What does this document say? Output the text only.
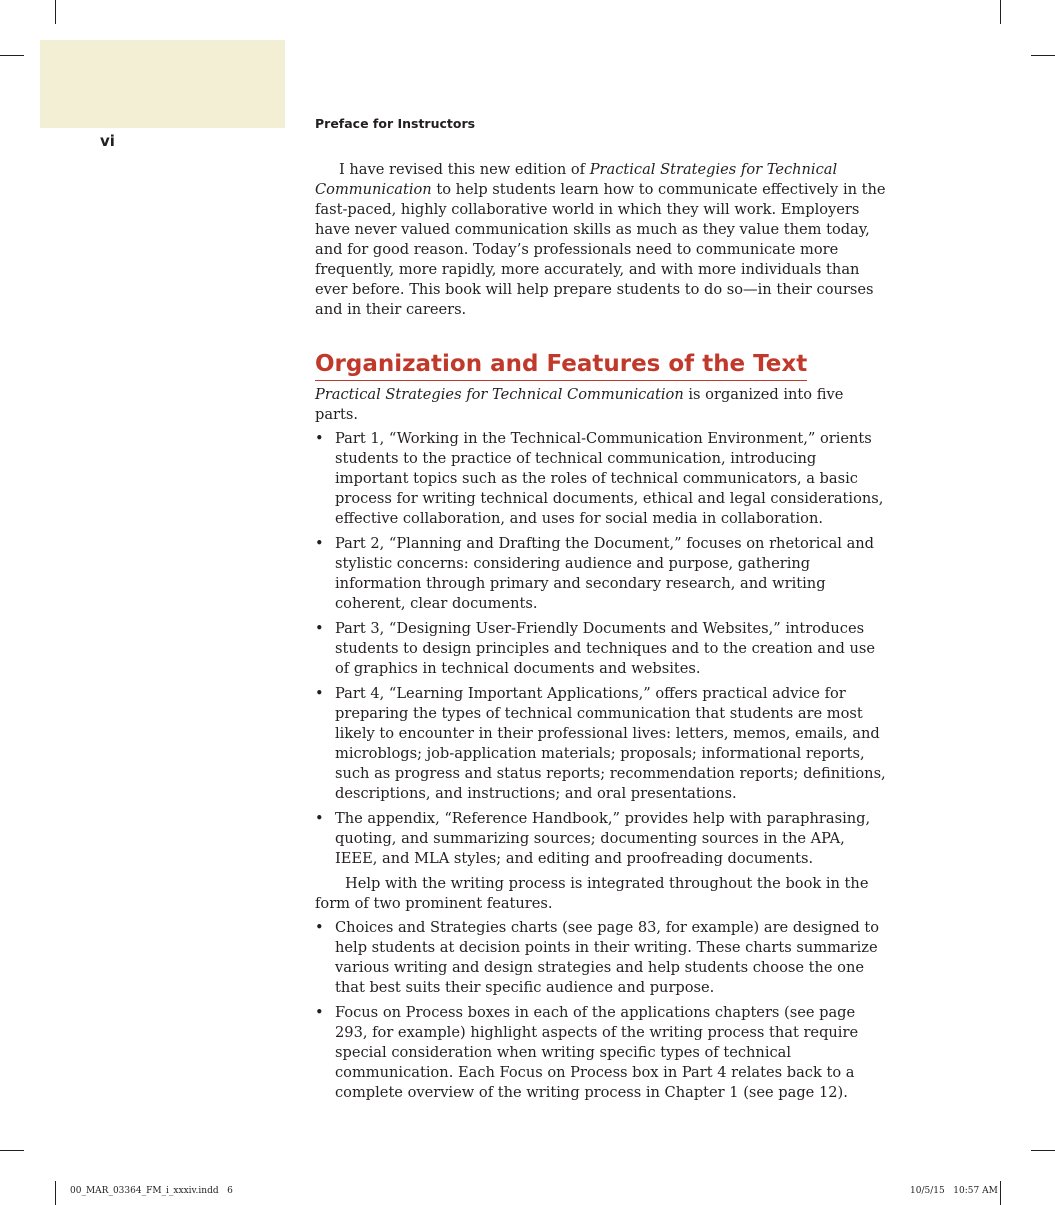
vi
Preface for Instructors

I have revised this new edition of Practical Strategies for Technical Communication to help students learn how to communicate effectively in the fast-paced, highly collaborative world in which they will work. Employers have never valued communication skills as much as they value them today, and for good reason. Today’s professionals need to communicate more frequently, more rapidly, more accurately, and with more individuals than ever before. This book will help prepare students to do so—in their courses and in their careers.

Organization and Features of the Text

Practical Strategies for Technical Communication is organized into five parts.

• Part 1, “Working in the Technical-Communication Environment,” orients students to the practice of technical communication, introducing important topics such as the roles of technical communicators, a basic process for writing technical documents, ethical and legal considerations, effective collaboration, and uses for social media in collaboration.
• Part 2, “Planning and Drafting the Document,” focuses on rhetorical and stylistic concerns: considering audience and purpose, gathering information through primary and secondary research, and writing coherent, clear documents.
• Part 3, “Designing User-Friendly Documents and Websites,” introduces students to design principles and techniques and to the creation and use of graphics in technical documents and websites.
• Part 4, “Learning Important Applications,” offers practical advice for preparing the types of technical communication that students are most likely to encounter in their professional lives: letters, memos, emails, and microblogs; job-application materials; proposals; informational reports, such as progress and status reports; recommendation reports; definitions, descriptions, and instructions; and oral presentations.
• The appendix, “Reference Handbook,” provides help with paraphrasing, quoting, and summarizing sources; documenting sources in the APA, IEEE, and MLA styles; and editing and proofreading documents.

Help with the writing process is integrated throughout the book in the form of two prominent features.

• Choices and Strategies charts (see page 83, for example) are designed to help students at decision points in their writing. These charts summarize various writing and design strategies and help students choose the one that best suits their specific audience and purpose.
• Focus on Process boxes in each of the applications chapters (see page 293, for example) highlight aspects of the writing process that require special consideration when writing specific types of technical communication. Each Focus on Process box in Part 4 relates back to a complete overview of the writing process in Chapter 1 (see page 12).
00_MAR_03364_FM_i_xxxiv.indd   6	10/5/15   10:57 AM
